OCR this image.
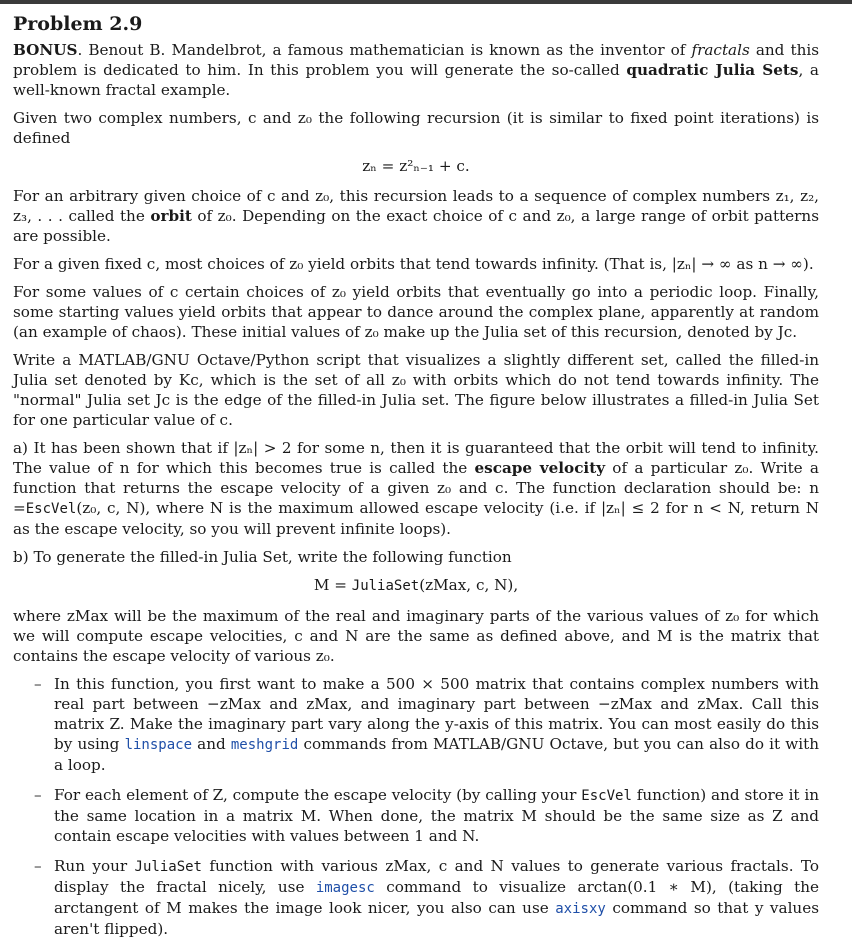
Problem 2.9

BONUS. Benout B. Mandelbrot, a famous mathematician is known as the inventor of fractals and this problem is dedicated to him. In this problem you will generate the so-called quadratic Julia Sets, a well-known fractal example.

Given two complex numbers, c and z₀ the following recursion (it is similar to fixed point iterations) is defined

zₙ = z²ₙ₋₁ + c.

For an arbitrary given choice of c and z₀, this recursion leads to a sequence of complex numbers z₁, z₂, z₃, . . . called the orbit of z₀. Depending on the exact choice of c and z₀, a large range of orbit patterns are possible.

For a given fixed c, most choices of z₀ yield orbits that tend towards infinity. (That is, |zₙ| → ∞ as n → ∞).

For some values of c certain choices of z₀ yield orbits that eventually go into a periodic loop. Finally, some starting values yield orbits that appear to dance around the complex plane, apparently at random (an example of chaos). These initial values of z₀ make up the Julia set of this recursion, denoted by Jc.

Write a MATLAB/GNU Octave/Python script that visualizes a slightly different set, called the filled-in Julia set denoted by Kc, which is the set of all z₀ with orbits which do not tend towards infinity. The "normal" Julia set Jc is the edge of the filled-in Julia set. The figure below illustrates a filled-in Julia Set for one particular value of c.

a) It has been shown that if |zₙ| > 2 for some n, then it is guaranteed that the orbit will tend to infinity. The value of n for which this becomes true is called the escape velocity of a particular z₀. Write a function that returns the escape velocity of a given z₀ and c. The function declaration should be: n =EscVel(z₀, c, N), where N is the maximum allowed escape velocity (i.e. if |zₙ| ≤ 2 for n < N, return N as the escape velocity, so you will prevent infinite loops).

b) To generate the filled-in Julia Set, write the following function

M = JuliaSet(zMax, c, N),

where zMax will be the maximum of the real and imaginary parts of the various values of z₀ for which we will compute escape velocities, c and N are the same as defined above, and M is the matrix that contains the escape velocity of various z₀.

– In this function, you first want to make a 500 × 500 matrix that contains complex numbers with real part between −zMax and zMax, and imaginary part between −zMax and zMax. Call this matrix Z. Make the imaginary part vary along the y-axis of this matrix. You can most easily do this by using linspace and meshgrid commands from MATLAB/GNU Octave, but you can also do it with a loop.
– For each element of Z, compute the escape velocity (by calling your EscVel function) and store it in the same location in a matrix M. When done, the matrix M should be the same size as Z and contain escape velocities with values between 1 and N.
– Run your JuliaSet function with various zMax, c and N values to generate various fractals. To display the fractal nicely, use imagesc command to visualize arctan(0.1 ∗ M), (taking the arctangent of M makes the image look nicer, you also can use axisxy command so that y values aren't flipped).
